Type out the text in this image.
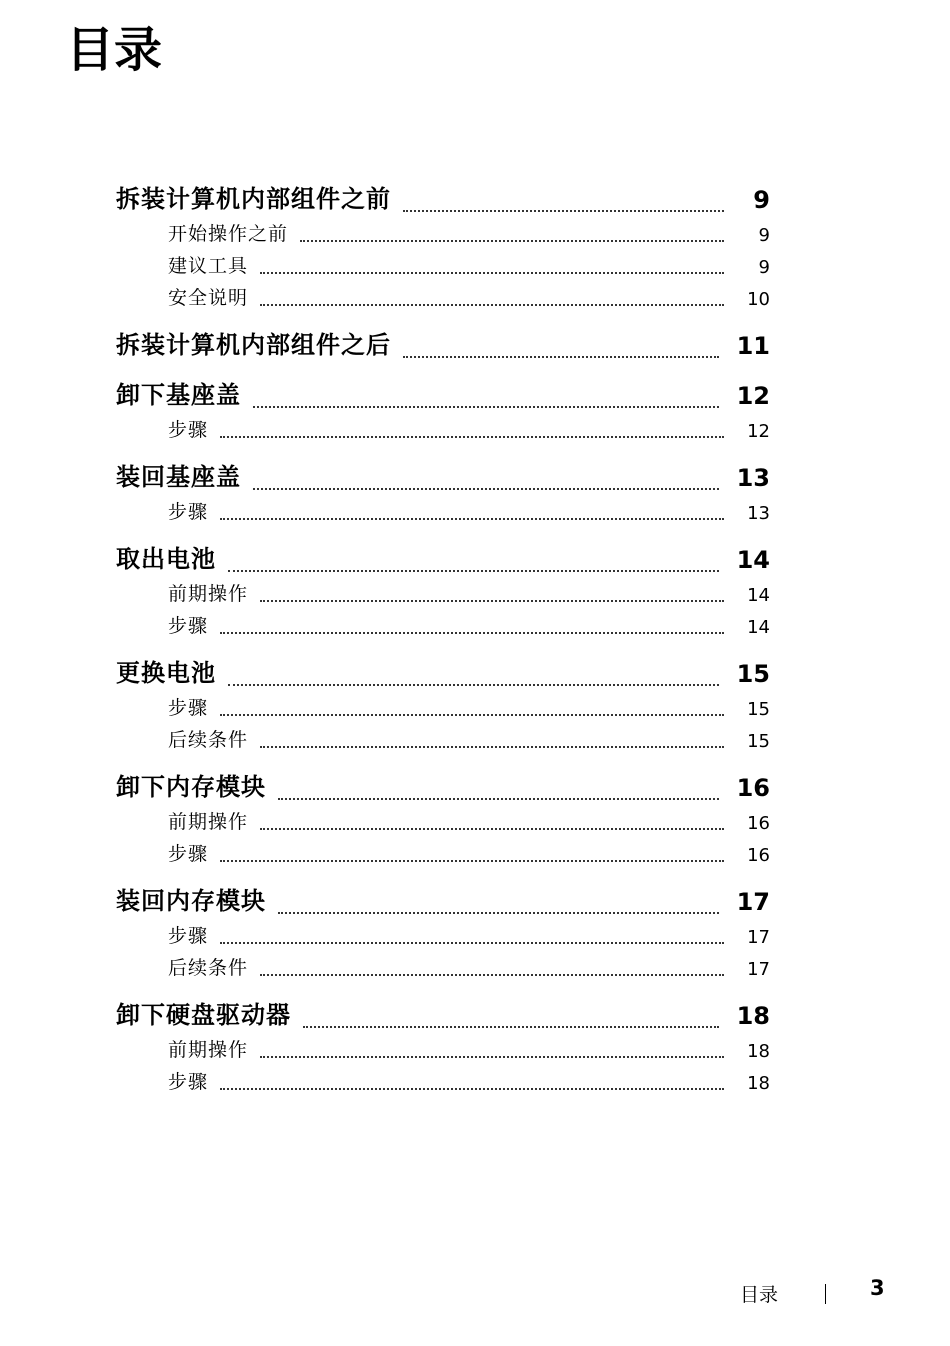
目录
拆装计算机内部组件之前	9
开始操作之前	9
建议工具	9
安全说明	10
拆装计算机内部组件之后	11
卸下基座盖	12
步骤	12
装回基座盖	13
步骤	13
取出电池	14
前期操作	14
步骤	14
更换电池	15
步骤	15
后续条件	15
卸下内存模块	16
前期操作	16
步骤	16
装回内存模块	17
步骤	17
后续条件	17
卸下硬盘驱动器	18
前期操作	18
步骤	18
目录	3
